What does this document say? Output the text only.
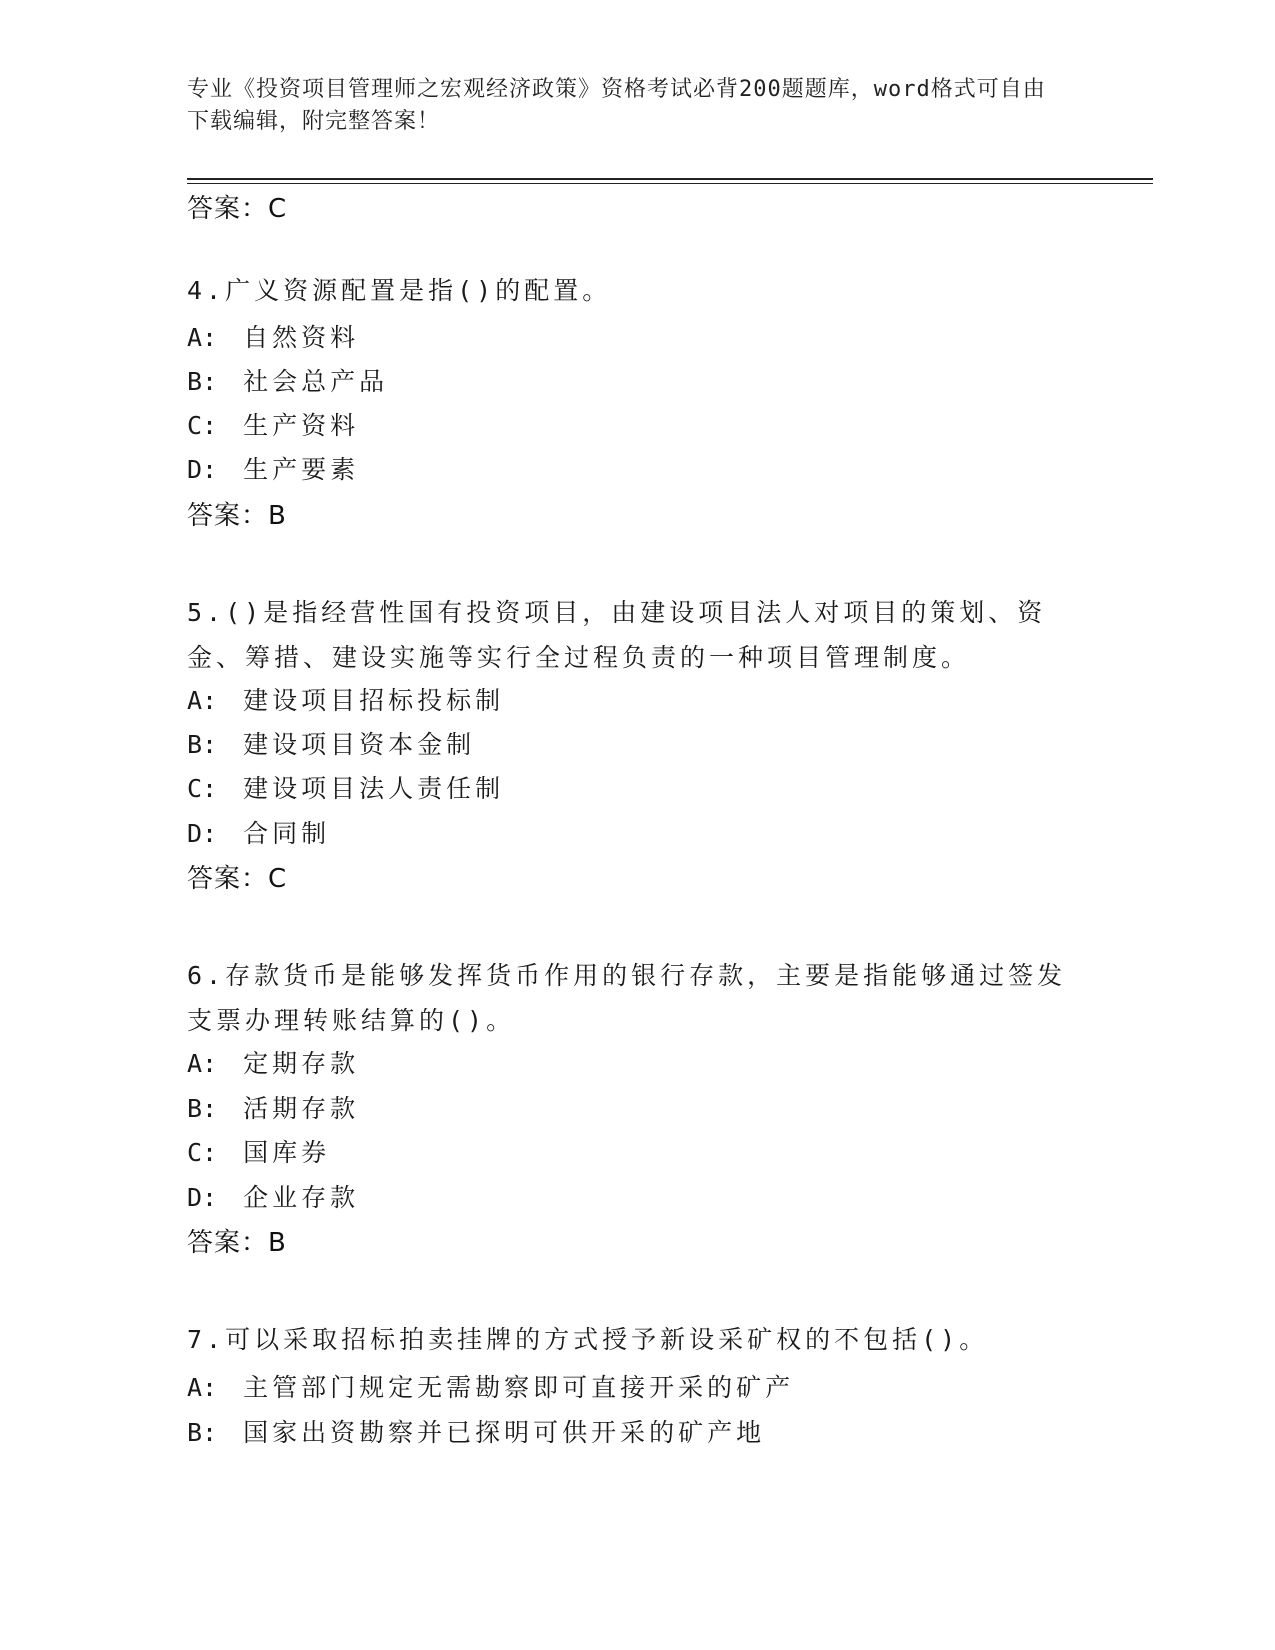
专业《投资项目管理师之宏观经济政策》资格考试必背200题题库，word格式可自由下载编辑，附完整答案！
答案：C
4.广义资源配置是指()的配置。
A: 自然资料
B: 社会总产品
C: 生产资料
D: 生产要素
答案：B
5.()是指经营性国有投资项目，由建设项目法人对项目的策划、资金、筹措、建设实施等实行全过程负责的一种项目管理制度。
A: 建设项目招标投标制
B: 建设项目资本金制
C: 建设项目法人责任制
D: 合同制
答案：C
6.存款货币是能够发挥货币作用的银行存款，主要是指能够通过签发支票办理转账结算的()。
A: 定期存款
B: 活期存款
C: 国库券
D: 企业存款
答案：B
7.可以采取招标拍卖挂牌的方式授予新设采矿权的不包括()。
A: 主管部门规定无需勘察即可直接开采的矿产
B: 国家出资勘察并已探明可供开采的矿产地
